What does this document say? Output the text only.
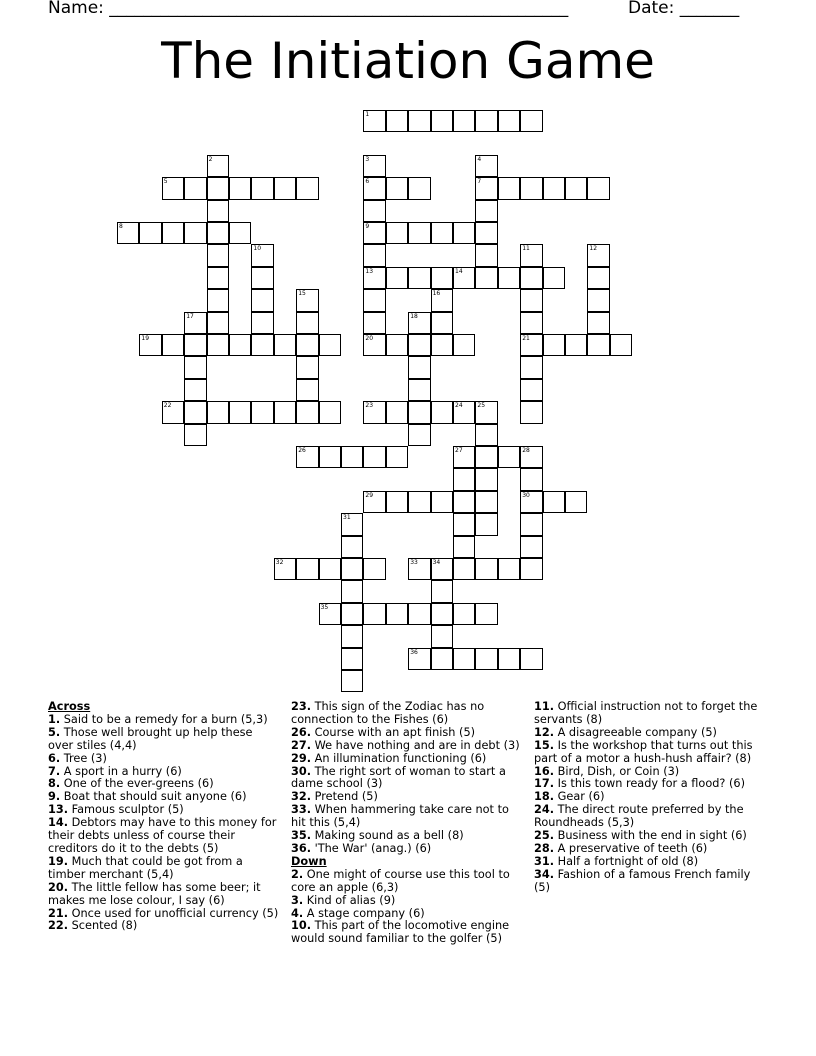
Name: ______________________________________________________	Date: _______
The Initiation Game
1
2	3	4
5	6	7
8	9
10	11	12
13	14
15	16
17	18
19	20	21
22	23	24 25
26	27	28
29	30
31
32	33 34
35
36
Across
1. Said to be a remedy for a burn (5,3)
5. Those well brought up help these over stiles (4,4)
6. Tree (3)
7. A sport in a hurry (6)
8. One of the ever-greens (6)
9. Boat that should suit anyone (6)
13. Famous sculptor (5)
14. Debtors may have to this money for their debts unless of course their creditors do it to the debts (5)
19. Much that could be got from a timber merchant (5,4)
20. The little fellow has some beer; it makes me lose colour, I say (6)
21. Once used for unofficial currency (5)
22. Scented (8)
23. This sign of the Zodiac has no connection to the Fishes (6)
26. Course with an apt finish (5)
27. We have nothing and are in debt (3)
29. An illumination functioning (6)
30. The right sort of woman to start a dame school (3)
32. Pretend (5)
33. When hammering take care not to hit this (5,4)
35. Making sound as a bell (8)
36. 'The War' (anag.) (6)
Down
2. One might of course use this tool to core an apple (6,3)
3. Kind of alias (9)
4. A stage company (6)
10. This part of the locomotive engine would sound familiar to the golfer (5)
11. Official instruction not to forget the servants (8)
12. A disagreeable company (5)
15. Is the workshop that turns out this part of a motor a hush-hush affair? (8)
16. Bird, Dish, or Coin (3)
17. Is this town ready for a flood? (6)
18. Gear (6)
24. The direct route preferred by the Roundheads (5,3)
25. Business with the end in sight (6)
28. A preservative of teeth (6)
31. Half a fortnight of old (8)
34. Fashion of a famous French family (5)
